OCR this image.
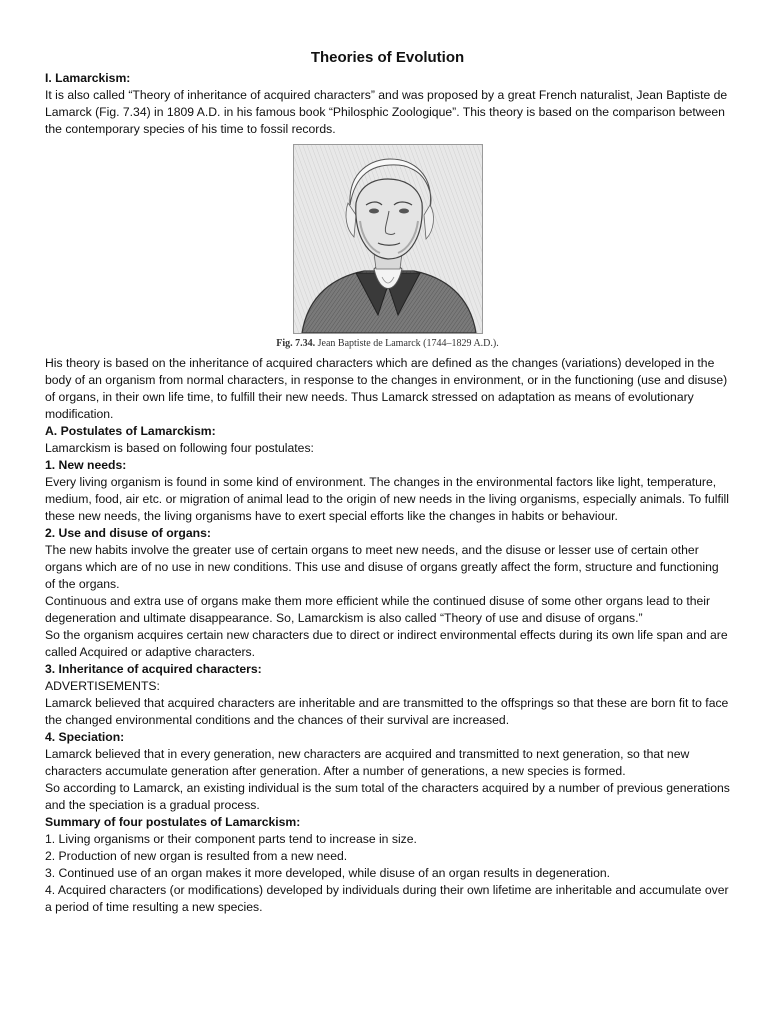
Theories of Evolution
I. Lamarckism:
It is also called “Theory of inheritance of acquired characters” and was proposed by a great French naturalist, Jean Baptiste de Lamarck (Fig. 7.34) in 1809 A.D. in his famous book “Philosphic Zoologique”. This theory is based on the comparison between the contemporary species of his time to fossil records.
Fig. 7.34. Jean Baptiste de Lamarck (1744–1829 A.D.).
His theory is based on the inheritance of acquired characters which are defined as the changes (variations) developed in the body of an organism from normal characters, in response to the changes in environment, or in the functioning (use and disuse) of organs, in their own life time, to fulfill their new needs. Thus Lamarck stressed on adaptation as means of evolutionary modification.
A. Postulates of Lamarckism:
Lamarckism is based on following four postulates:
1. New needs:
Every living organism is found in some kind of environment. The changes in the environmental factors like light, temperature, medium, food, air etc. or migration of animal lead to the origin of new needs in the living organisms, especially animals. To fulfill these new needs, the living organisms have to exert special efforts like the changes in habits or behaviour.
2. Use and disuse of organs:
The new habits involve the greater use of certain organs to meet new needs, and the disuse or lesser use of certain other organs which are of no use in new conditions. This use and disuse of organs greatly affect the form, structure and functioning of the organs.
Continuous and extra use of organs make them more efficient while the continued disuse of some other organs lead to their degeneration and ultimate disappearance. So, Lamarckism is also called “Theory of use and disuse of organs.”
So the organism acquires certain new characters due to direct or indirect environmental effects during its own life span and are called Acquired or adaptive characters.
3. Inheritance of acquired characters:
ADVERTISEMENTS:
Lamarck believed that acquired characters are inheritable and are transmitted to the offsprings so that these are born fit to face the changed environmental conditions and the chances of their survival are increased.
4. Speciation:
Lamarck believed that in every generation, new characters are acquired and transmitted to next generation, so that new characters accumulate generation after generation. After a number of generations, a new species is formed.
So according to Lamarck, an existing individual is the sum total of the characters acquired by a number of previous generations and the speciation is a gradual process.
Summary of four postulates of Lamarckism:
1. Living organisms or their component parts tend to increase in size.
2. Production of new organ is resulted from a new need.
3. Continued use of an organ makes it more developed, while disuse of an organ results in degeneration.
4. Acquired characters (or modifications) developed by individuals during their own lifetime are inheritable and accumulate over a period of time resulting a new species.
